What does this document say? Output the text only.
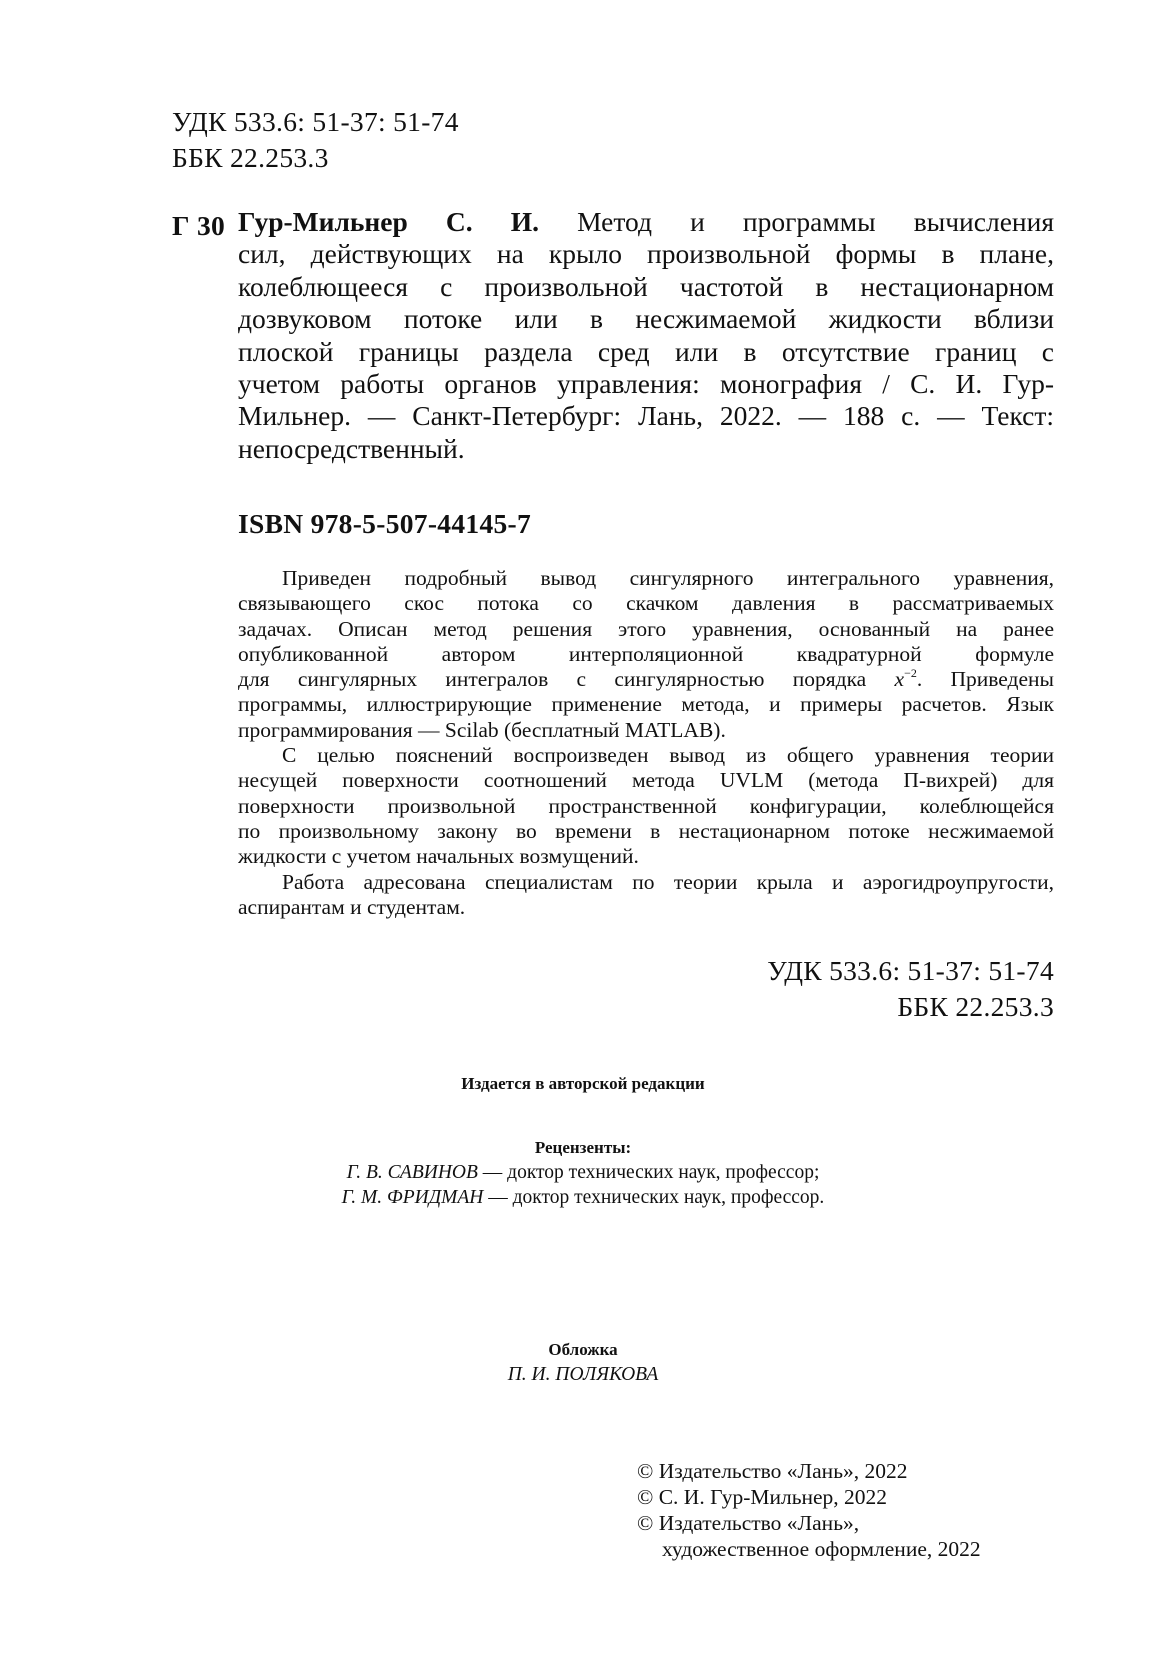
УДК 533.6: 51-37: 51-74
ББК 22.253.3
Г 30 Гур-Мильнер С. И. Метод и программы вычисления
сил, действующих на крыло произвольной формы в плане,
колеблющееся с произвольной частотой в нестационарном
дозвуковом потоке или в несжимаемой жидкости вблизи
плоской границы раздела сред или в отсутствие границ с
учетом работы органов управления: монография / С. И. Гур-
Мильнер. — Санкт-Петербург: Лань, 2022. — 188 с. — Текст:
непосредственный.
ISBN 978-5-507-44145-7
Приведен подробный вывод сингулярного интегрального уравнения,
связывающего скос потока со скачком давления в рассматриваемых
задачах. Описан метод решения этого уравнения, основанный на ранее
опубликованной автором интерполяционной квадратурной формуле
для сингулярных интегралов с сингулярностью порядка $x^{-2}$. Приведены
программы, иллюстрирующие применение метода, и примеры расчетов. Язык
программирования — Scilab (бесплатный MATLAB).
С целью пояснений воспроизведен вывод из общего уравнения теории
несущей поверхности соотношений метода UVLM (метода П-вихрей) для
поверхности произвольной пространственной конфигурации, колеблющейся
по произвольному закону во времени в нестационарном потоке несжимаемой
жидкости с учетом начальных возмущений.
Работа адресована специалистам по теории крыла и аэрогидроупругости,
аспирантам и студентам.
УДК 533.6: 51-37: 51-74
ББК 22.253.3
Издается в авторской редакции
Рецензенты:
Г. В. САВИНОВ — доктор технических наук, профессор;
Г. М. ФРИДМАН — доктор технических наук, профессор.
Обложка
П. И. ПОЛЯКОВА
© Издательство «Лань», 2022
© С. И. Гур-Мильнер, 2022
© Издательство «Лань»,
художественное оформление, 2022
